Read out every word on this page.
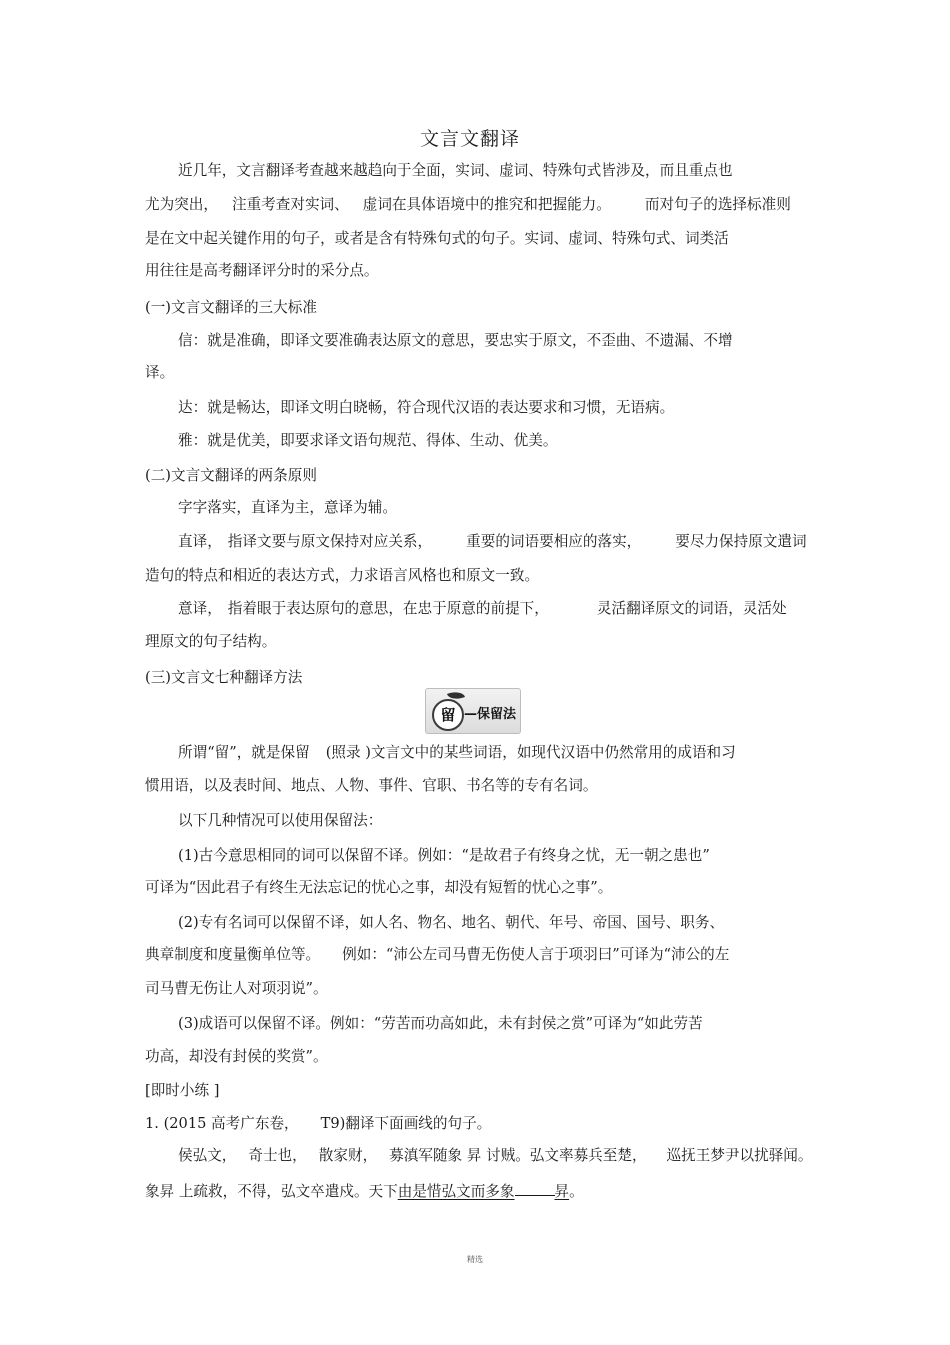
文言文翻译
近几年，文言翻译考查越来越趋向于全面，实词、虚词、特殊句式皆涉及，而且重点也
尤为突出， 注重考查对实词、 虚词在具体语境中的推究和把握能力。 而对句子的选择标准则
是在文中起关键作用的句子，或者是含有特殊句式的句子。实词、虚词、特殊句式、词类活
用往往是高考翻译评分时的采分点。
(一)文言文翻译的三大标准
信：就是准确，即译文要准确表达原文的意思，要忠实于原文，不歪曲、不遗漏、不增
译。
达：就是畅达，即译文明白晓畅，符合现代汉语的表达要求和习惯，无语病。
雅：就是优美，即要求译文语句规范、得体、生动、优美。
(二)文言文翻译的两条原则
字字落实，直译为主，意译为辅。
直译， 指译文要与原文保持对应关系， 重要的词语要相应的落实， 要尽力保持原文遣词
造句的特点和相近的表达方式，力求语言风格也和原文一致。
意译， 指着眼于表达原句的意思，在忠于原意的前提下，	灵活翻译原文的词语，灵活处
理原文的句子结构。
(三)文言文七种翻译方法
留 —保留法
所谓“留”，就是保留 (照录 )文言文中的某些词语，如现代汉语中仍然常用的成语和习
惯用语，以及表时间、地点、人物、事件、官职、书名等的专有名词。
以下几种情况可以使用保留法：
(1)古今意思相同的词可以保留不译。例如：“是故君子有终身之忧，无一朝之患也”
可译为“因此君子有终生无法忘记的忧心之事，却没有短暂的忧心之事”。
(2)专有名词可以保留不译，如人名、物名、地名、朝代、年号、帝国、国号、职务、
典章制度和度量衡单位等。 例如：“沛公左司马曹无伤使人言于项羽曰”可译为“沛公的左
司马曹无伤让人对项羽说”。
(3)成语可以保留不译。例如：“劳苦而功高如此，未有封侯之赏”可译为“如此劳苦
功高，却没有封侯的奖赏”。
[即时小练 ]
1. (2015 高考广东卷， T9)翻译下面画线的句子。
侯弘文， 奇士也， 散家财， 募滇军随象 昇 讨贼。弘文率募兵至楚， 巡抚王梦尹以扰驿闻。
象昇 上疏救，不得，弘文卒遣戍。天下由是惜弘文而多象	昇。
精选
